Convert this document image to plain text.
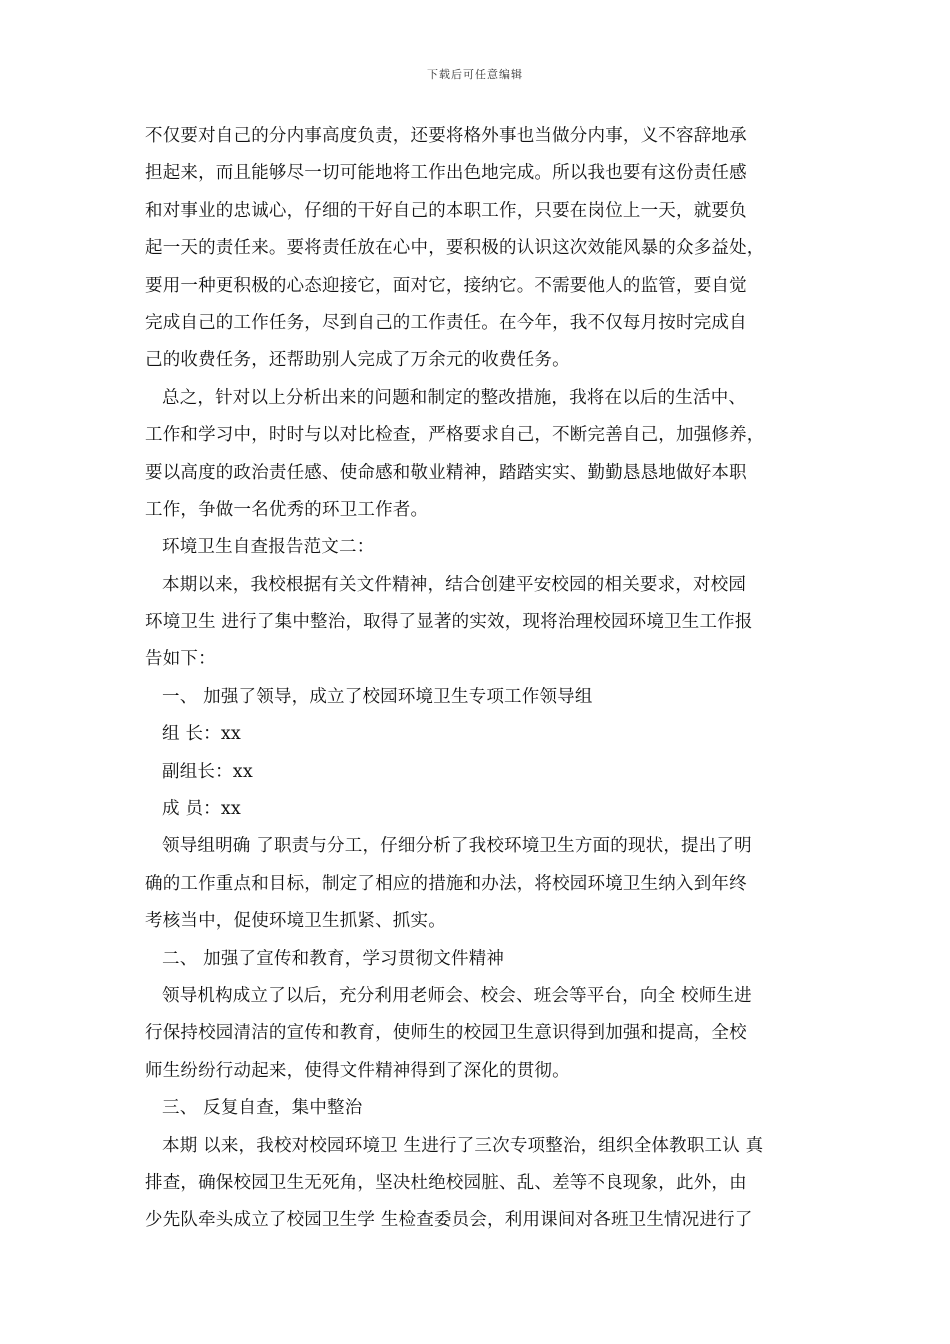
下载后可任意编辑
不仅要对自己的分内事高度负责，还要将格外事也当做分内事，义不容辞地承
担起来，而且能够尽一切可能地将工作出色地完成。所以我也要有这份责任感
和对事业的忠诚心，仔细的干好自己的本职工作，只要在岗位上一天，就要负
起一天的责任来。要将责任放在心中，要积极的认识这次效能风暴的众多益处，
要用一种更积极的心态迎接它，面对它，接纳它。不需要他人的监管，要自觉
完成自己的工作任务，尽到自己的工作责任。在今年，我不仅每月按时完成自
己的收费任务，还帮助别人完成了万余元的收费任务。
总之，针对以上分析出来的问题和制定的整改措施，我将在以后的生活中、
工作和学习中，时时与以对比检查，严格要求自己，不断完善自己，加强修养，
要以高度的政治责任感、使命感和敬业精神，踏踏实实、勤勤恳恳地做好本职
工作，争做一名优秀的环卫工作者。
环境卫生自查报告范文二：
本期以来，我校根据有关文件精神，结合创建平安校园的相关要求，对校园
环境卫生 进行了集中整治，取得了显著的实效，现将治理校园环境卫生工作报
告如下：
一、 加强了领导，成立了校园环境卫生专项工作领导组
组 长：xx
副组长：xx
成 员：xx
领导组明确 了职责与分工，仔细分析了我校环境卫生方面的现状，提出了明
确的工作重点和目标，制定了相应的措施和办法，将校园环境卫生纳入到年终
考核当中，促使环境卫生抓紧、抓实。
二、 加强了宣传和教育，学习贯彻文件精神
领导机构成立了以后，充分利用老师会、校会、班会等平台，向全 校师生进
行保持校园清洁的宣传和教育，使师生的校园卫生意识得到加强和提高，全校
师生纷纷行动起来，使得文件精神得到了深化的贯彻。
三、 反复自查，集中整治
本期 以来，我校对校园环境卫 生进行了三次专项整治，组织全体教职工认 真
排查，确保校园卫生无死角，坚决杜绝校园脏、乱、差等不良现象，此外，由
少先队牵头成立了校园卫生学 生检查委员会，利用课间对各班卫生情况进行了
